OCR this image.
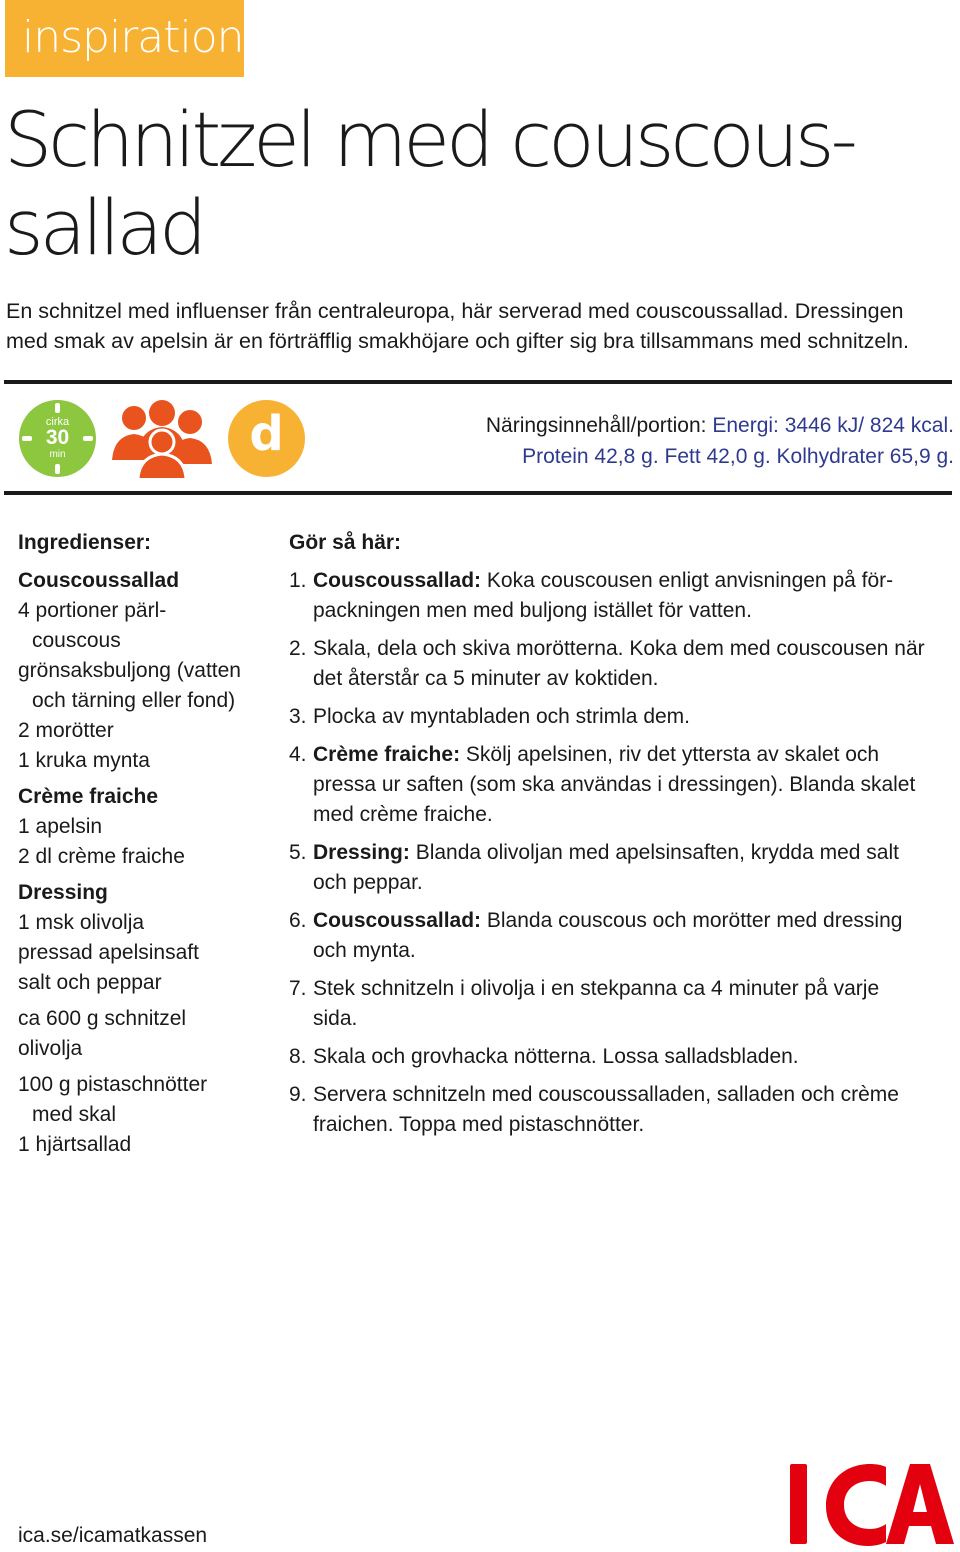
inspiration
Schnitzel med couscous-
sallad

En schnitzel med influenser från centraleuropa, här serverad med couscoussallad. Dressingen med smak av apelsin är en förträfflig smakhöjare och gifter sig bra tillsammans med schnitzeln.

cirka
30
min	d	Näringsinnehåll/portion: Energi: 3446 kJ/ 824 kcal.
Protein 42,8 g. Fett 42,0 g. Kolhydrater 65,9 g.
Ingredienser:
Couscoussallad
4 portioner pärl-
couscous
grönsaksbuljong (vatten
och tärning eller fond)
2 morötter
1 kruka mynta
Crème fraiche
1 apelsin
2 dl crème fraiche
Dressing
1 msk olivolja
pressad apelsinsaft
salt och peppar
ca 600 g schnitzel
olivolja
100 g pistaschnötter
med skal
1 hjärtsallad
Gör så här:
1. Couscoussallad: Koka couscousen enligt anvisningen på för-packningen men med buljong istället för vatten.
2. Skala, dela och skiva morötterna. Koka dem med couscousen när det återstår ca 5 minuter av koktiden.
3. Plocka av myntabladen och strimla dem.
4. Crème fraiche: Skölj apelsinen, riv det yttersta av skalet och pressa ur saften (som ska användas i dressingen). Blanda skalet med crème fraiche.
5. Dressing: Blanda olivoljan med apelsinsaften, krydda med salt och peppar.
6. Couscoussallad: Blanda couscous och morötter med dressing och mynta.
7. Stek schnitzeln i olivolja i en stekpanna ca 4 minuter på varje sida.
8. Skala och grovhacka nötterna. Lossa salladsbladen.
9. Servera schnitzeln med couscoussalladen, salladen och crème fraichen. Toppa med pistaschnötter.
ica.se/icamatkassen
